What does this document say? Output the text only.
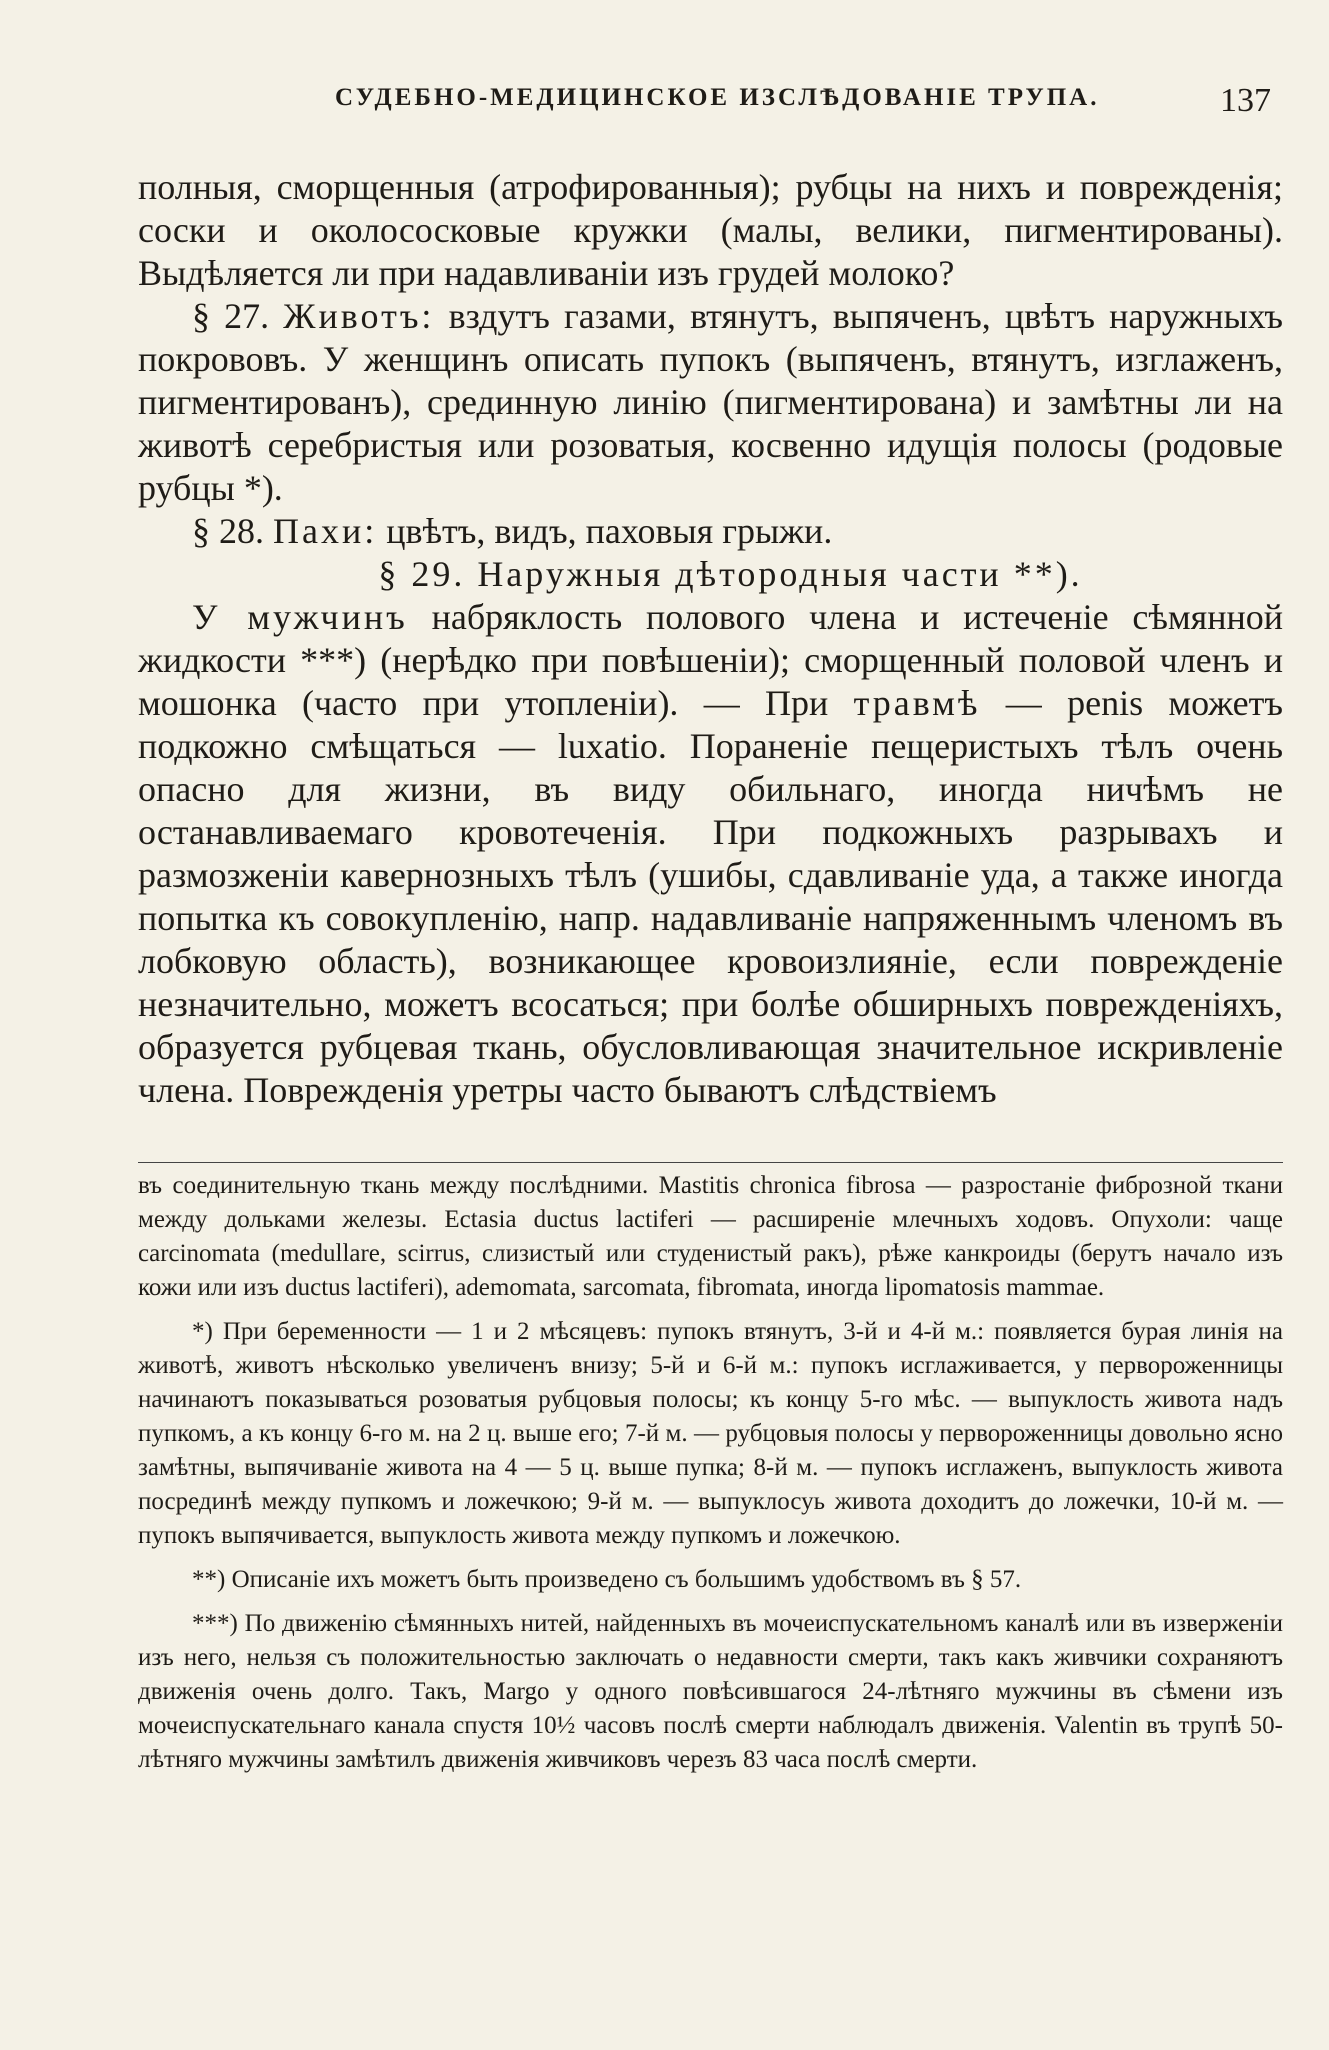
СУДЕБНО-МЕДИЦИНСКОЕ ИЗСЛѢДОВАНІЕ ТРУПА.	137

полныя, сморщенныя (атрофированныя); рубцы на нихъ и поврежденія; соски и околососковые кружки (малы, велики, пигментированы). Выдѣляется ли при надавливаніи изъ грудей молоко?

§ 27. Животъ: вздутъ газами, втянутъ, выпяченъ, цвѣтъ наружныхъ покрововъ. У женщинъ описать пупокъ (выпяченъ, втянутъ, изглаженъ, пигментированъ), срединную линію (пигментирована) и замѣтны ли на животѣ серебристыя или розоватыя, косвенно идущія полосы (родовые рубцы *).

§ 28. Пахи: цвѣтъ, видъ, паховыя грыжи.

§ 29. Наружныя дѣтородныя части **).

У мужчинъ набряклость полового члена и истеченіе сѣмянной жидкости ***) (нерѣдко при повѣшеніи); сморщенный половой членъ и мошонка (часто при утопленіи). — При травмѣ — penis можетъ подкожно смѣщаться — luxatio. Пораненіе пещеристыхъ тѣлъ очень опасно для жизни, въ виду обильнаго, иногда ничѣмъ не останавливаемаго кровотеченія. При подкожныхъ разрывахъ и размозженіи кавернозныхъ тѣлъ (ушибы, сдавливаніе уда, а также иногда попытка къ совокупленію, напр. надавливаніе напряженнымъ членомъ въ лобковую область), возникающее кровоизлияніе, если поврежденіе незначительно, можетъ всосаться; при болѣе обширныхъ поврежденіяхъ, образуется рубцевая ткань, обусловливающая значительное искривленіе члена. Поврежденія уретры часто бываютъ слѣдствіемъ

въ соединительную ткань между послѣдними. Mastitis chronica fibrosa — разростаніе фиброзной ткани между дольками железы. Ectasia ductus lactiferi — расширеніе млечныхъ ходовъ. Опухоли: чаще carcinomata (medullare, scirrus, слизистый или студенистый ракъ), рѣже канкроиды (берутъ начало изъ кожи или изъ ductus lactiferi), ademomata, sarcomata, fibromata, иногда lipomatosis mammae.

*) При беременности — 1 и 2 мѣсяцевъ: пупокъ втянутъ, 3-й и 4-й м.: появляется бурая линія на животѣ, животъ нѣсколько увеличенъ внизу; 5-й и 6-й м.: пупокъ исглаживается, у первороженницы начинаютъ показываться розоватыя рубцовыя полосы; къ концу 5-го мѣс. — выпуклость живота надъ пупкомъ, а къ концу 6-го м. на 2 ц. выше его; 7-й м. — рубцовыя полосы у первороженницы довольно ясно замѣтны, выпячиваніе живота на 4 — 5 ц. выше пупка; 8-й м. — пупокъ исглаженъ, выпуклость живота посрединѣ между пупкомъ и ложечкою; 9-й м. — выпуклосуь живота доходитъ до ложечки, 10-й м. — пупокъ выпячивается, выпуклость живота между пупкомъ и ложечкою.

**) Описаніе ихъ можетъ быть произведено съ большимъ удобствомъ въ § 57.

***) По движенію сѣмянныхъ нитей, найденныхъ въ мочеиспускательномъ каналѣ или въ изверженіи изъ него, нельзя съ положительностью заключать о недавности смерти, такъ какъ живчики сохраняютъ движенія очень долго. Такъ, Margo у одного повѣсившагося 24-лѣтняго мужчины въ сѣмени изъ мочеиспускательнаго канала спустя 10½ часовъ послѣ смерти наблюдалъ движенія. Valentin въ трупѣ 50-лѣтняго мужчины замѣтилъ движенія живчиковъ черезъ 83 часа послѣ смерти.
